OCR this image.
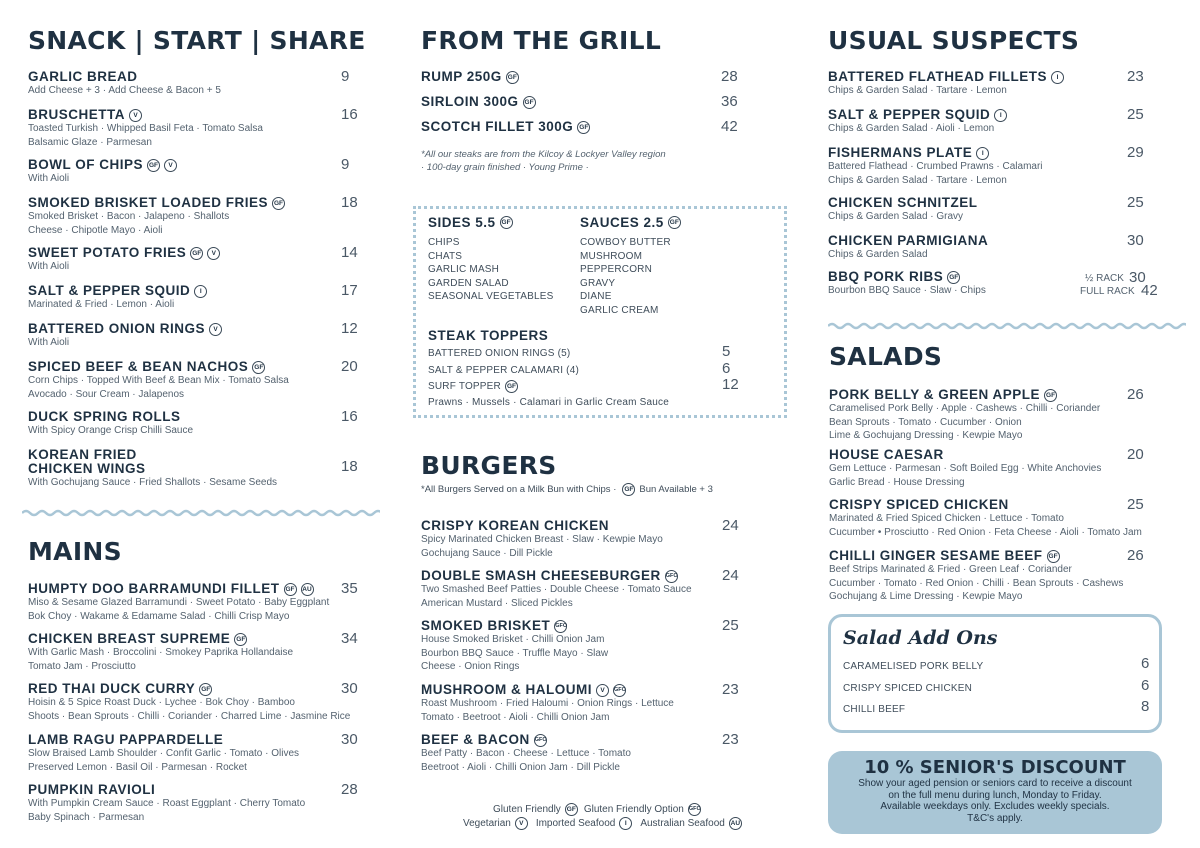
SNACK | START | SHARE
GARLIC BREAD
Add Cheese + 3 · Add Cheese & Bacon + 5
9
BRUSCHETTA	V
Toasted Turkish · Whipped Basil Feta · Tomato Salsa
Balsamic Glaze · Parmesan
16
BOWL OF CHIPS GF	V
With Aioli
9
SMOKED BRISKET LOADED FRIES GF
Smoked Brisket · Bacon · Jalapeno · Shallots
Cheese · Chipotle Mayo · Aioli
18
SWEET POTATO FRIES GF	V
With Aioli
14
SALT & PEPPER SQUID	I
Marinated & Fried · Lemon · Aioli
17
BATTERED ONION RINGS	V
With Aioli
12
SPICED BEEF & BEAN NACHOS GF
Corn Chips · Topped With Beef & Bean Mix · Tomato Salsa
Avocado · Sour Cream · Jalapenos
20
DUCK SPRING ROLLS
With Spicy Orange Crisp Chilli Sauce
16
KOREAN FRIED
CHICKEN WINGS
With Gochujang Sauce · Fried Shallots · Sesame Seeds
18
MAINS
HUMPTY DOO BARRAMUNDI FILLET GF	AU
Miso & Sesame Glazed Barramundi · Sweet Potato · Baby Eggplant
Bok Choy · Wakame & Edamame Salad · Chilli Crisp Mayo
35
CHICKEN BREAST SUPREME GF
With Garlic Mash · Broccolini · Smokey Paprika Hollandaise
Tomato Jam · Prosciutto
34
RED THAI DUCK CURRY GF
Hoisin & 5 Spice Roast Duck · Lychee · Bok Choy · Bamboo
Shoots · Bean Sprouts · Chilli · Coriander · Charred Lime · Jasmine Rice
30
LAMB RAGU PAPPARDELLE
Slow Braised Lamb Shoulder · Confit Garlic · Tomato · Olives
Preserved Lemon · Basil Oil · Parmesan · Rocket
30
PUMPKIN RAVIOLI
With Pumpkin Cream Sauce · Roast Eggplant · Cherry Tomato
Baby Spinach · Parmesan
28
FROM THE GRILL
RUMP 250G GF	28
SIRLOIN 300G GF	36
SCOTCH FILLET 300G GF	42
*All our steaks are from the Kilcoy & Lockyer Valley region
· 100-day grain finished · Young Prime ·
SIDES 5.5 GF
CHIPS
CHATS
GARLIC MASH
GARDEN SALAD
SEASONAL VEGETABLES
SAUCES 2.5 GF
COWBOY BUTTER
MUSHROOM
PEPPERCORN
GRAVY
DIANE
GARLIC CREAM
STEAK TOPPERS
BATTERED ONION RINGS (5)	5
SALT & PEPPER CALAMARI (4)	6
SURF TOPPER GF	12
Prawns · Mussels · Calamari in Garlic Cream Sauce
BURGERS
*All Burgers Served on a Milk Bun with Chips ·	GF Bun Available + 3
CRISPY KOREAN CHICKEN
Spicy Marinated Chicken Breast · Slaw · Kewpie Mayo
Gochujang Sauce · Dill Pickle
24
DOUBLE SMASH CHEESEBURGER GFO
Two Smashed Beef Patties · Double Cheese · Tomato Sauce
American Mustard · Sliced Pickles
24
SMOKED BRISKET GFO
House Smoked Brisket · Chilli Onion Jam
Bourbon BBQ Sauce · Truffle Mayo · Slaw
Cheese · Onion Rings
25
MUSHROOM & HALOUMI	V	GFO
Roast Mushroom · Fried Haloumi · Onion Rings · Lettuce
Tomato · Beetroot · Aioli · Chilli Onion Jam
23
BEEF & BACON GFO
Beef Patty · Bacon · Cheese · Lettuce · Tomato
Beetroot · Aioli · Chilli Onion Jam · Dill Pickle
23
Gluten Friendly GF Gluten Friendly Option GFO
Vegetarian	V	Imported Seafood	I	Australian Seafood AU
USUAL SUSPECTS
BATTERED FLATHEAD FILLETS	I
Chips & Garden Salad · Tartare · Lemon
23
SALT & PEPPER SQUID	I
Chips & Garden Salad · Aioli · Lemon
25
FISHERMANS PLATE	I
Battered Flathead · Crumbed Prawns · Calamari
Chips & Garden Salad · Tartare · Lemon
29
CHICKEN SCHNITZEL
Chips & Garden Salad · Gravy
25
CHICKEN PARMIGIANA
Chips & Garden Salad
30
BBQ PORK RIBS GF
Bourbon BBQ Sauce · Slaw · Chips
½ RACK 30
FULL RACK 42
SALADS
PORK BELLY & GREEN APPLE GF
Caramelised Pork Belly · Apple · Cashews · Chilli · Coriander
Bean Sprouts · Tomato · Cucumber · Onion
Lime & Gochujang Dressing · Kewpie Mayo
26
HOUSE CAESAR
Gem Lettuce · Parmesan · Soft Boiled Egg · White Anchovies
Garlic Bread · House Dressing
20
CRISPY SPICED CHICKEN
Marinated & Fried Spiced Chicken · Lettuce · Tomato
Cucumber • Prosciutto · Red Onion · Feta Cheese · Aioli · Tomato Jam
25
CHILLI GINGER SESAME BEEF GF
Beef Strips Marinated & Fried · Green Leaf · Coriander
Cucumber · Tomato · Red Onion · Chilli · Bean Sprouts · Cashews
Gochujang & Lime Dressing · Kewpie Mayo
26
Salad Add Ons
CARAMELISED PORK BELLY	6
CRISPY SPICED CHICKEN	6
CHILLI BEEF	8
10 % SENIOR'S DISCOUNT
Show your aged pension or seniors card to receive a discount
on the full menu during lunch, Monday to Friday.
Available weekdays only. Excludes weekly specials.
T&C's apply.
